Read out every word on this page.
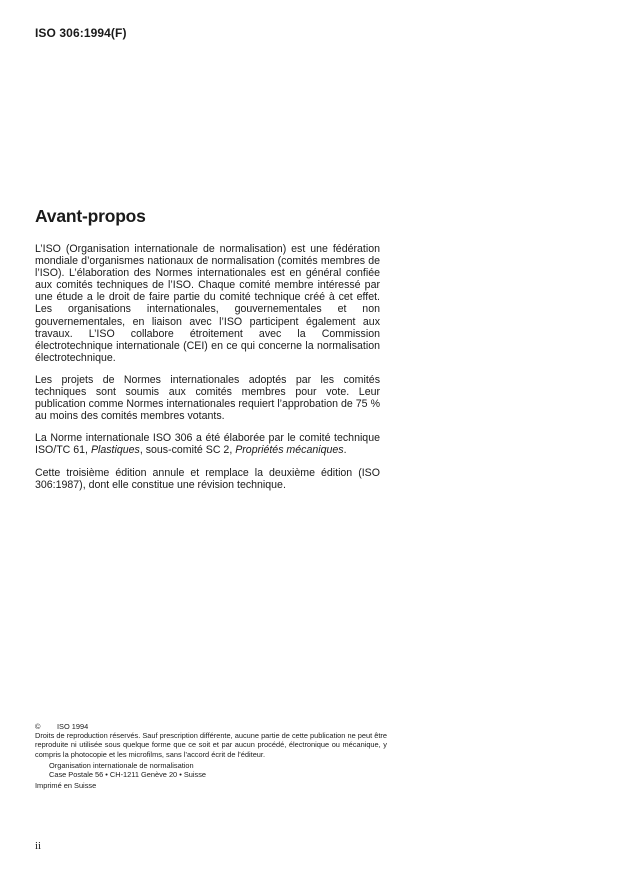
ISO 306:1994(F)
Avant-propos

L’ISO (Organisation internationale de normalisation) est une fédération mondiale d’organismes nationaux de normalisation (comités membres de l’ISO). L’élaboration des Normes internationales est en général confiée aux comités techniques de l’ISO. Chaque comité membre intéressé par une étude a le droit de faire partie du comité technique créé à cet effet. Les organisations internationales, gouvernementales et non gouvernementales, en liaison avec l’ISO participent également aux travaux. L’ISO collabore étroitement avec la Commission électrotechnique internationale (CEI) en ce qui concerne la normalisation électrotechnique.

Les projets de Normes internationales adoptés par les comités techniques sont soumis aux comités membres pour vote. Leur publication comme Normes internationales requiert l’approbation de 75 % au moins des comités membres votants.

La Norme internationale ISO 306 a été élaborée par le comité technique ISO/TC 61, Plastiques, sous-comité SC 2, Propriétés mécaniques.

Cette troisième édition annule et remplace la deuxième édition (ISO 306:1987), dont elle constitue une révision technique.

© ISO 1994

Droits de reproduction réservés. Sauf prescription différente, aucune partie de cette publication ne peut être reproduite ni utilisée sous quelque forme que ce soit et par aucun procédé, électronique ou mécanique, y compris la photocopie et les microfilms, sans l’accord écrit de l’éditeur.

Organisation internationale de normalisation
Case Postale 56 • CH-1211 Genève 20 • Suisse

Imprimé en Suisse

ii
